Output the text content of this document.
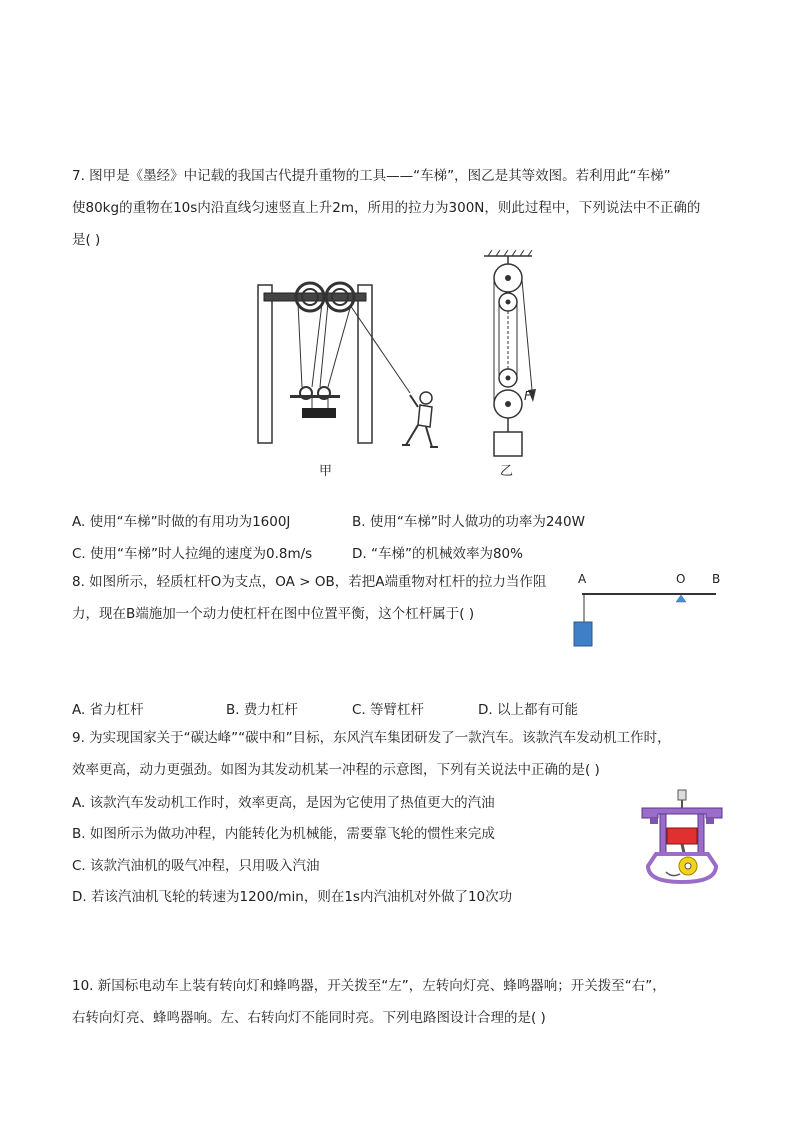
7. 图甲是《墨经》中记载的我国古代提升重物的工具——“车梯”，图乙是其等效图。若利用此“车梯”
使80kg的重物在10s内沿直线匀速竖直上升2m，所用的拉力为300N，则此过程中，下列说法中不正确的
是( )
甲
F
乙
A. 使用“车梯”时做的有用功为1600J	B. 使用“车梯”时人做功的功率为240W
C. 使用“车梯”时人拉绳的速度为0.8m/s	D. “车梯”的机械效率为80%
8. 如图所示，轻质杠杆O为支点，OA > OB，若把A端重物对杠杆的拉力当作阻
力，现在B端施加一个动力使杠杆在图中位置平衡，这个杠杆属于( )
A	O B
A. 省力杠杆	B. 费力杠杆	C. 等臂杠杆	D. 以上都有可能
9. 为实现国家关于“碳达峰”“碳中和”目标，东风汽车集团研发了一款汽车。该款汽车发动机工作时，
效率更高，动力更强劲。如图为其发动机某一冲程的示意图，下列有关说法中正确的是( )
A. 该款汽车发动机工作时，效率更高，是因为它使用了热值更大的汽油
B. 如图所示为做功冲程，内能转化为机械能，需要靠飞轮的惯性来完成
C. 该款汽油机的吸气冲程，只用吸入汽油
D. 若该汽油机飞轮的转速为1200/min，则在1s内汽油机对外做了10次功
10. 新国标电动车上装有转向灯和蜂鸣器，开关拨至“左”，左转向灯亮、蜂鸣器响；开关拨至“右”，
右转向灯亮、蜂鸣器响。左、右转向灯不能同时亮。下列电路图设计合理的是( )
